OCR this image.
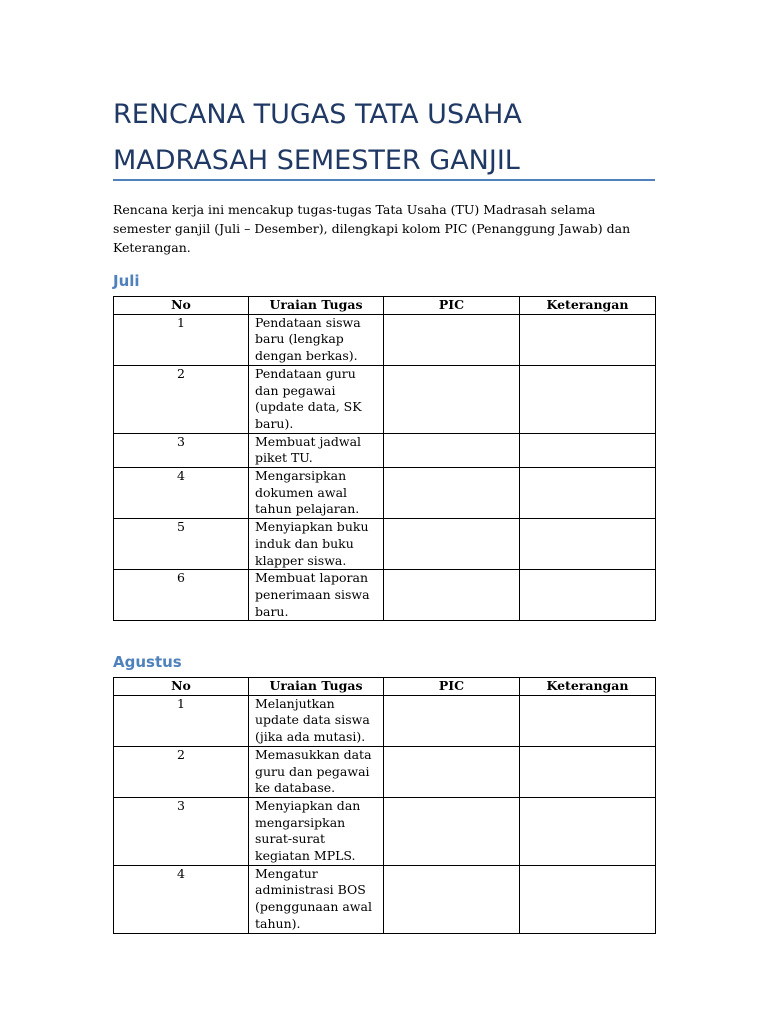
RENCANA TUGAS TATA USAHA
MADRASAH SEMESTER GANJIL
Rencana kerja ini mencakup tugas-tugas Tata Usaha (TU) Madrasah selama semester ganjil (Juli – Desember), dilengkapi kolom PIC (Penanggung Jawab) dan Keterangan.
Juli
No	Uraian Tugas	PIC	Keterangan
1	Pendataan siswa baru (lengkap dengan berkas).		
2	Pendataan guru dan pegawai (update data, SK baru).		
3	Membuat jadwal piket TU.		
4	Mengarsipkan dokumen awal tahun pelajaran.		
5	Menyiapkan buku induk dan buku klapper siswa.		
6	Membuat laporan penerimaan siswa baru.		
Agustus
No	Uraian Tugas	PIC	Keterangan
1	Melanjutkan update data siswa (jika ada mutasi).		
2	Memasukkan data guru dan pegawai ke database.		
3	Menyiapkan dan mengarsipkan surat-surat kegiatan MPLS.		
4	Mengatur administrasi BOS (penggunaan awal tahun).		
